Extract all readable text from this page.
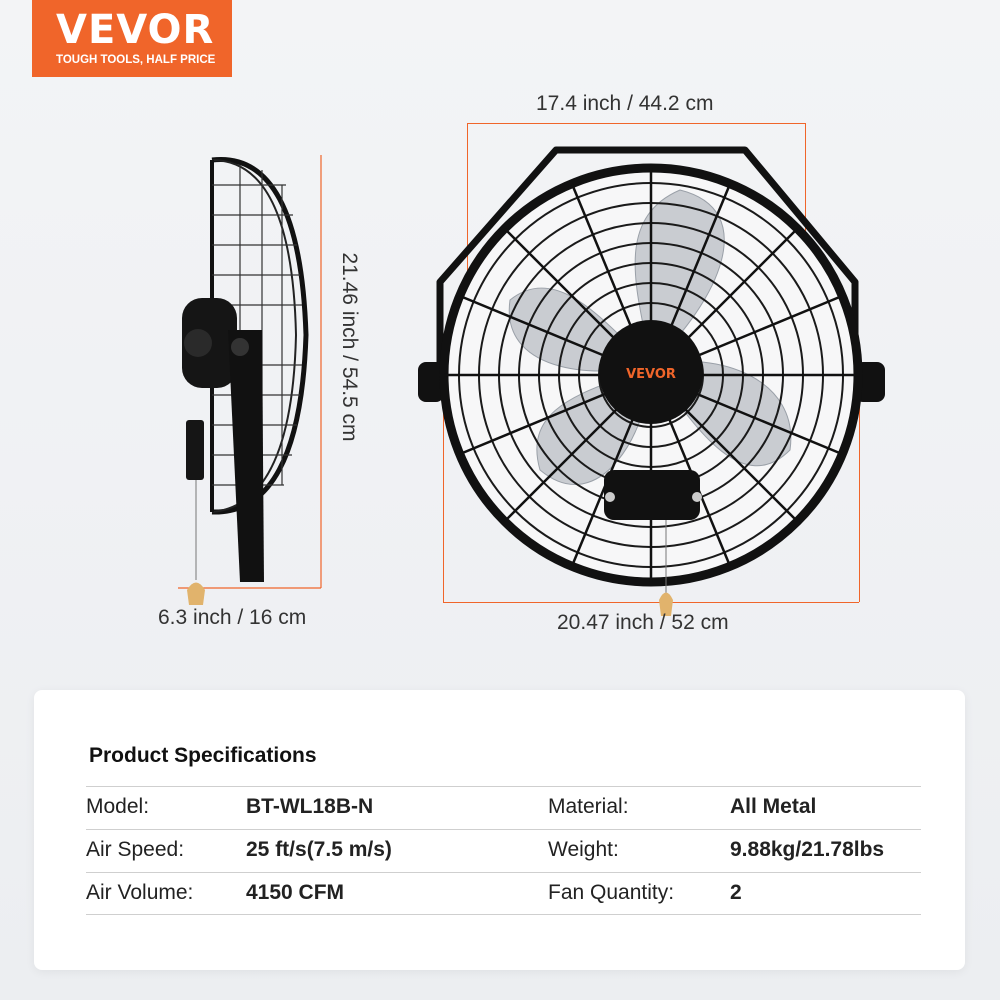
VEVOR
TOUGH TOOLS, HALF PRICE
VEVOR
17.4 inch / 44.2 cm
21.46 inch / 54.5 cm
6.3 inch / 16 cm	20.47 inch / 52 cm
Product Specifications
Model:	BT-WL18B-N	Material:	All Metal
Air Speed:	25 ft/s(7.5 m/s)	Weight:	9.88kg/21.78lbs
Air Volume:	4150 CFM	Fan Quantity:	2
